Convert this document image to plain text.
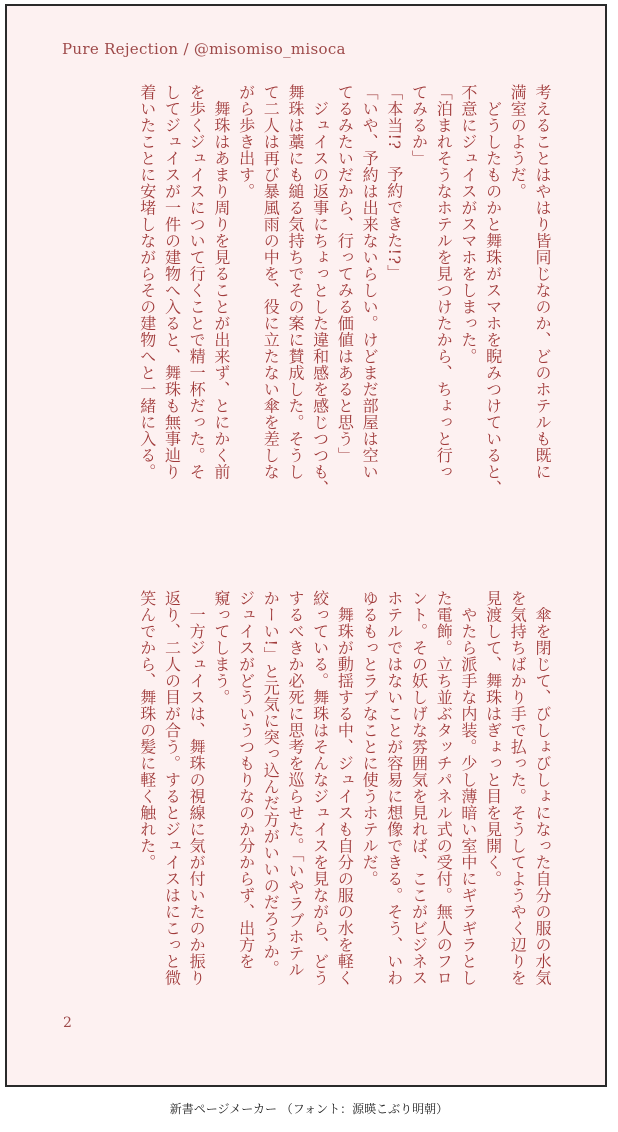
Pure Rejection / @misomiso_misoca
考えることはやはり皆同じなのか、どのホテルも既に
満室のようだ。
　どうしたものかと舞珠がスマホを睨みつけていると、
不意にジュイスがスマホをしまった。
「泊まれそうなホテルを見つけたから、ちょっと行っ
てみるか」
「本当!?　予約できた!?」
「いや、予約は出来ないらしい。けどまだ部屋は空い
てるみたいだから、行ってみる価値はあると思う」
　ジュイスの返事にちょっとした違和感を感じつつも、
舞珠は藁にも縋る気持ちでその案に賛成した。そうし
て二人は再び暴風雨の中を、役に立たない傘を差しな
がら歩き出す。
　舞珠はあまり周りを見ることが出来ず、とにかく前
を歩くジュイスについて行くことで精一杯だった。そ
してジュイスが一件の建物へ入ると、舞珠も無事辿り
着いたことに安堵しながらその建物へと一緒に入る。
　傘を閉じて、びしょびしょになった自分の服の水気
を気持ちばかり手で払った。そうしてようやく辺りを
見渡して、舞珠はぎょっと目を見開く。
　やたら派手な内装。少し薄暗い室中にギラギラとし
た電飾。立ち並ぶタッチパネル式の受付。無人のフロ
ント。その妖しげな雰囲気を見れば、ここがビジネス
ホテルではないことが容易に想像できる。そう、いわ
ゆるもっとラブなことに使うホテルだ。
　舞珠が動揺する中、ジュイスも自分の服の水を軽く
絞っている。舞珠はそんなジュイスを見ながら、どう
するべきか必死に思考を巡らせた。「いやラブホテル
かーい!」と元気に突っ込んだ方がいいのだろうか。
ジュイスがどういうつもりなのか分からず、出方を
窺ってしまう。
　一方ジュイスは、舞珠の視線に気が付いたのか振り
返り、二人の目が合う。するとジュイスはにこっと微
笑んでから、舞珠の髪に軽く触れた。
2
新書ページメーカー （フォント：源暎こぶり明朝）
